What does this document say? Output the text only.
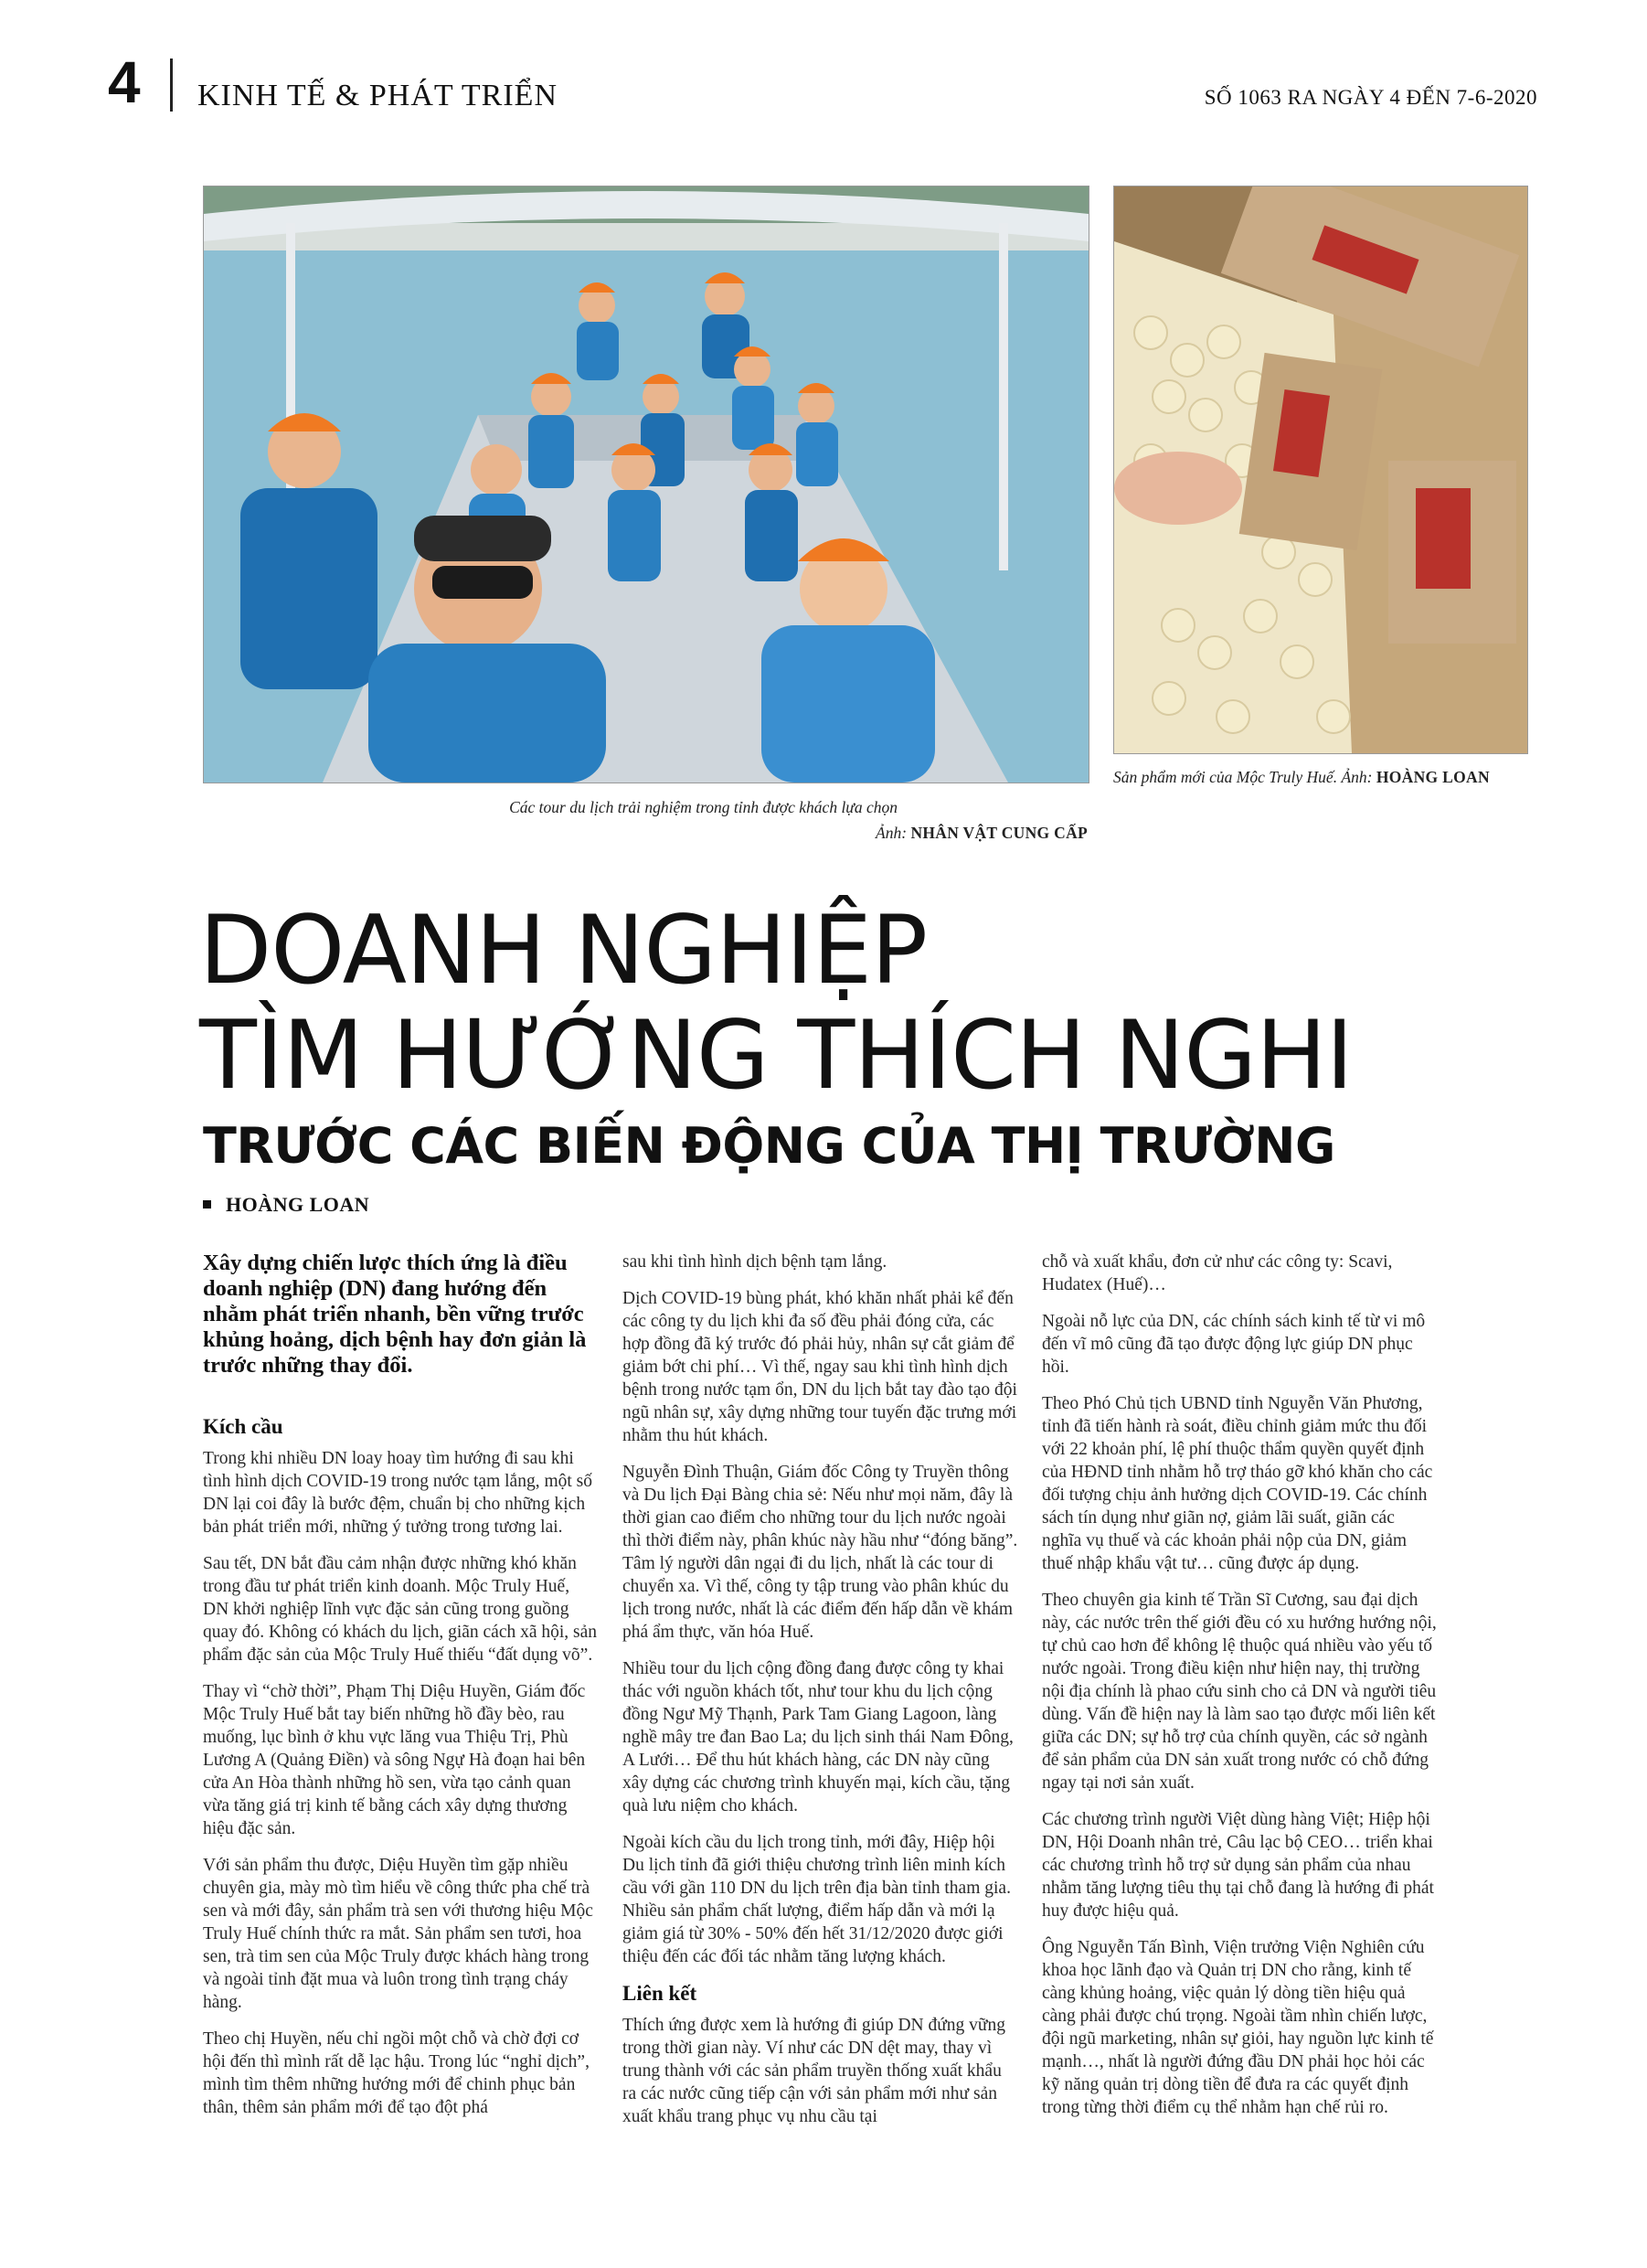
4 KINH TẾ & PHÁT TRIỂN	SỐ 1063 RA NGÀY 4 ĐẾN 7-6-2020
Các tour du lịch trải nghiệm trong tỉnh được khách lựa chọn
Ảnh: NHÂN VẬT CUNG CẤP
Sản phẩm mới của Mộc Truly Huế. Ảnh: HOÀNG LOAN
DOANH NGHIỆP
TÌM HƯỚNG THÍCH NGHI
TRƯỚC CÁC BIẾN ĐỘNG CỦA THỊ TRƯỜNG
HOÀNG LOAN

Xây dựng chiến lược thích ứng là điều doanh nghiệp (DN) đang hướng đến nhằm phát triển nhanh, bền vững trước khủng hoảng, dịch bệnh hay đơn giản là trước những thay đổi.

Kích cầu

Trong khi nhiều DN loay hoay tìm hướng đi sau khi tình hình dịch COVID-19 trong nước tạm lắng, một số DN lại coi đây là bước đệm, chuẩn bị cho những kịch bản phát triển mới, những ý tưởng trong tương lai.

Sau tết, DN bắt đầu cảm nhận được những khó khăn trong đầu tư phát triển kinh doanh. Mộc Truly Huế, DN khởi nghiệp lĩnh vực đặc sản cũng trong guồng quay đó. Không có khách du lịch, giãn cách xã hội, sản phẩm đặc sản của Mộc Truly Huế thiếu “đất dụng võ”.

Thay vì “chờ thời”, Phạm Thị Diệu Huyền, Giám đốc Mộc Truly Huế bắt tay biến những hồ đầy bèo, rau muống, lục bình ở khu vực lăng vua Thiệu Trị, Phù Lương A (Quảng Điền) và sông Ngự Hà đoạn hai bên cửa An Hòa thành những hồ sen, vừa tạo cảnh quan vừa tăng giá trị kinh tế bằng cách xây dựng thương hiệu đặc sản.

Với sản phẩm thu được, Diệu Huyền tìm gặp nhiều chuyên gia, mày mò tìm hiểu về công thức pha chế trà sen và mới đây, sản phẩm trà sen với thương hiệu Mộc Truly Huế chính thức ra mắt. Sản phẩm sen tươi, hoa sen, trà tim sen của Mộc Truly được khách hàng trong và ngoài tỉnh đặt mua và luôn trong tình trạng cháy hàng.

Theo chị Huyền, nếu chỉ ngồi một chỗ và chờ đợi cơ hội đến thì mình rất dễ lạc hậu. Trong lúc “nghỉ dịch”, mình tìm thêm những hướng mới để chinh phục bản thân, thêm sản phẩm mới để tạo đột phá

sau khi tình hình dịch bệnh tạm lắng.

Dịch COVID-19 bùng phát, khó khăn nhất phải kể đến các công ty du lịch khi đa số đều phải đóng cửa, các hợp đồng đã ký trước đó phải hủy, nhân sự cắt giảm để giảm bớt chi phí… Vì thế, ngay sau khi tình hình dịch bệnh trong nước tạm ổn, DN du lịch bắt tay đào tạo đội ngũ nhân sự, xây dựng những tour tuyến đặc trưng mới nhằm thu hút khách.

Nguyễn Đình Thuận, Giám đốc Công ty Truyền thông và Du lịch Đại Bàng chia sẻ: Nếu như mọi năm, đây là thời gian cao điểm cho những tour du lịch nước ngoài thì thời điểm này, phân khúc này hầu như “đóng băng”. Tâm lý người dân ngại đi du lịch, nhất là các tour di chuyển xa. Vì thế, công ty tập trung vào phân khúc du lịch trong nước, nhất là các điểm đến hấp dẫn về khám phá ẩm thực, văn hóa Huế.

Nhiều tour du lịch cộng đồng đang được công ty khai thác với nguồn khách tốt, như tour khu du lịch cộng đồng Ngư Mỹ Thạnh, Park Tam Giang Lagoon, làng nghề mây tre đan Bao La; du lịch sinh thái Nam Đông, A Lưới… Để thu hút khách hàng, các DN này cũng xây dựng các chương trình khuyến mại, kích cầu, tặng quà lưu niệm cho khách.

Ngoài kích cầu du lịch trong tỉnh, mới đây, Hiệp hội Du lịch tỉnh đã giới thiệu chương trình liên minh kích cầu với gần 110 DN du lịch trên địa bàn tỉnh tham gia. Nhiều sản phẩm chất lượng, điểm hấp dẫn và mới lạ giảm giá từ 30% - 50% đến hết 31/12/2020 được giới thiệu đến các đối tác nhằm tăng lượng khách.

Liên kết

Thích ứng được xem là hướng đi giúp DN đứng vững trong thời gian này. Ví như các DN dệt may, thay vì trung thành với các sản phẩm truyền thống xuất khẩu ra các nước cũng tiếp cận với sản phẩm mới như sản xuất khẩu trang phục vụ nhu cầu tại

chỗ và xuất khẩu, đơn cử như các công ty: Scavi, Hudatex (Huế)…

Ngoài nỗ lực của DN, các chính sách kinh tế từ vi mô đến vĩ mô cũng đã tạo được động lực giúp DN phục hồi.

Theo Phó Chủ tịch UBND tỉnh Nguyễn Văn Phương, tỉnh đã tiến hành rà soát, điều chỉnh giảm mức thu đối với 22 khoản phí, lệ phí thuộc thẩm quyền quyết định của HĐND tỉnh nhằm hỗ trợ tháo gỡ khó khăn cho các đối tượng chịu ảnh hưởng dịch COVID-19. Các chính sách tín dụng như giãn nợ, giảm lãi suất, giãn các nghĩa vụ thuế và các khoản phải nộp của DN, giảm thuế nhập khẩu vật tư… cũng được áp dụng.

Theo chuyên gia kinh tế Trần Sĩ Cương, sau đại dịch này, các nước trên thế giới đều có xu hướng hướng nội, tự chủ cao hơn để không lệ thuộc quá nhiều vào yếu tố nước ngoài. Trong điều kiện như hiện nay, thị trường nội địa chính là phao cứu sinh cho cả DN và người tiêu dùng. Vấn đề hiện nay là làm sao tạo được mối liên kết giữa các DN; sự hỗ trợ của chính quyền, các sở ngành để sản phẩm của DN sản xuất trong nước có chỗ đứng ngay tại nơi sản xuất.

Các chương trình người Việt dùng hàng Việt; Hiệp hội DN, Hội Doanh nhân trẻ, Câu lạc bộ CEO… triển khai các chương trình hỗ trợ sử dụng sản phẩm của nhau nhằm tăng lượng tiêu thụ tại chỗ đang là hướng đi phát huy được hiệu quả.

Ông Nguyễn Tấn Bình, Viện trưởng Viện Nghiên cứu khoa học lãnh đạo và Quản trị DN cho rằng, kinh tế càng khủng hoảng, việc quản lý dòng tiền hiệu quả càng phải được chú trọng. Ngoài tầm nhìn chiến lược, đội ngũ marketing, nhân sự giỏi, hay nguồn lực kinh tế mạnh…, nhất là người đứng đầu DN phải học hỏi các kỹ năng quản trị dòng tiền để đưa ra các quyết định trong từng thời điểm cụ thể nhằm hạn chế rủi ro.
